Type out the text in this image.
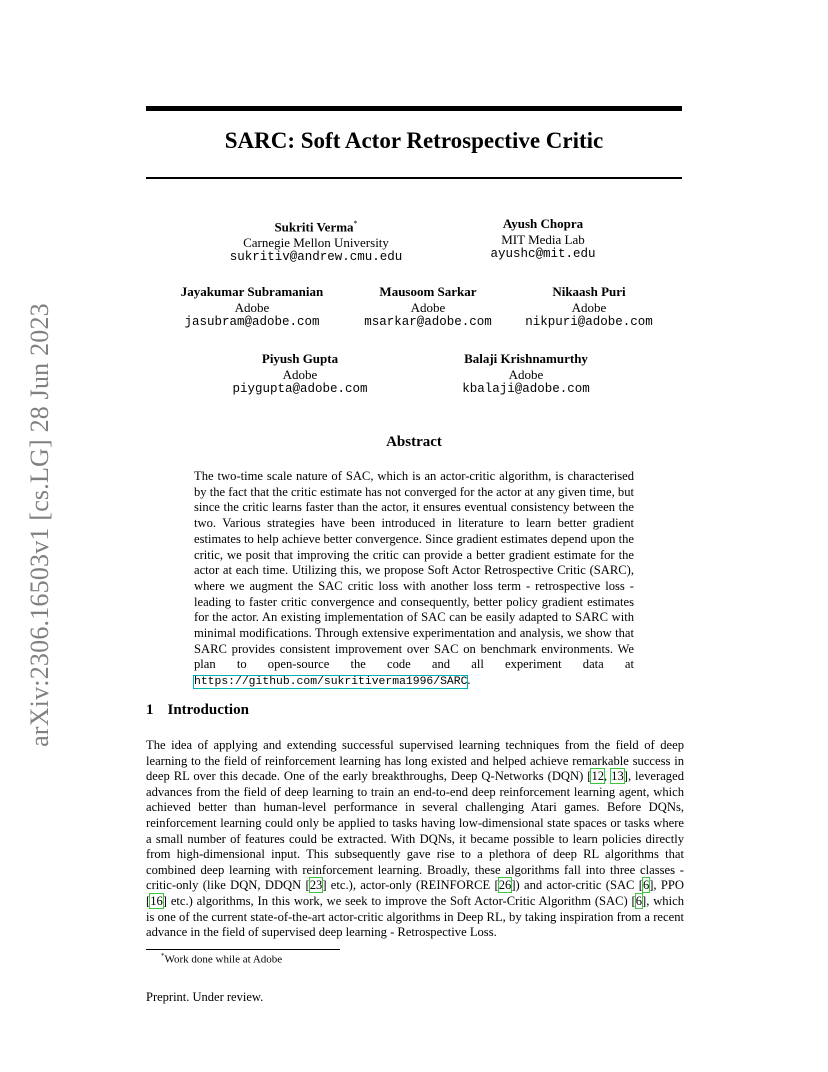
arXiv:2306.16503v1 [cs.LG] 28 Jun 2023
SARC: Soft Actor Retrospective Critic
Sukriti Verma*
Carnegie Mellon University
sukritiv@andrew.cmu.edu
Ayush Chopra
MIT Media Lab
ayushc@mit.edu
Jayakumar Subramanian
Adobe
jasubram@adobe.com
Mausoom Sarkar
Adobe
msarkar@adobe.com
Nikaash Puri
Adobe
nikpuri@adobe.com
Piyush Gupta
Adobe
piygupta@adobe.com
Balaji Krishnamurthy
Adobe
kbalaji@adobe.com
Abstract

The two-time scale nature of SAC, which is an actor-critic algorithm, is characterised by the fact that the critic estimate has not converged for the actor at any given time, but since the critic learns faster than the actor, it ensures eventual consistency between the two. Various strategies have been introduced in literature to learn better gradient estimates to help achieve better convergence. Since gradient estimates depend upon the critic, we posit that improving the critic can provide a better gradient estimate for the actor at each time. Utilizing this, we propose Soft Actor Retrospective Critic (SARC), where we augment the SAC critic loss with another loss term - retrospective loss - leading to faster critic convergence and consequently, better policy gradient estimates for the actor. An existing implementation of SAC can be easily adapted to SARC with minimal modifications. Through extensive experimentation and analysis, we show that SARC provides consistent improvement over SAC on benchmark environments. We plan to open-source the code and all experiment data at https://github.com/sukritiverma1996/SARC.

1 Introduction

The idea of applying and extending successful supervised learning techniques from the field of deep learning to the field of reinforcement learning has long existed and helped achieve remarkable success in deep RL over this decade. One of the early breakthroughs, Deep Q-Networks (DQN) [12, 13], leveraged advances from the field of deep learning to train an end-to-end deep reinforcement learning agent, which achieved better than human-level performance in several challenging Atari games. Before DQNs, reinforcement learning could only be applied to tasks having low-dimensional state spaces or tasks where a small number of features could be extracted. With DQNs, it became possible to learn policies directly from high-dimensional input. This subsequently gave rise to a plethora of deep RL algorithms that combined deep learning with reinforcement learning. Broadly, these algorithms fall into three classes - critic-only (like DQN, DDQN [23] etc.), actor-only (REINFORCE [26]) and actor-critic (SAC [6], PPO [16] etc.) algorithms, In this work, we seek to improve the Soft Actor-Critic Algorithm (SAC) [6], which is one of the current state-of-the-art actor-critic algorithms in Deep RL, by taking inspiration from a recent advance in the field of supervised deep learning - Retrospective Loss.

*Work done while at Adobe
Preprint. Under review.
